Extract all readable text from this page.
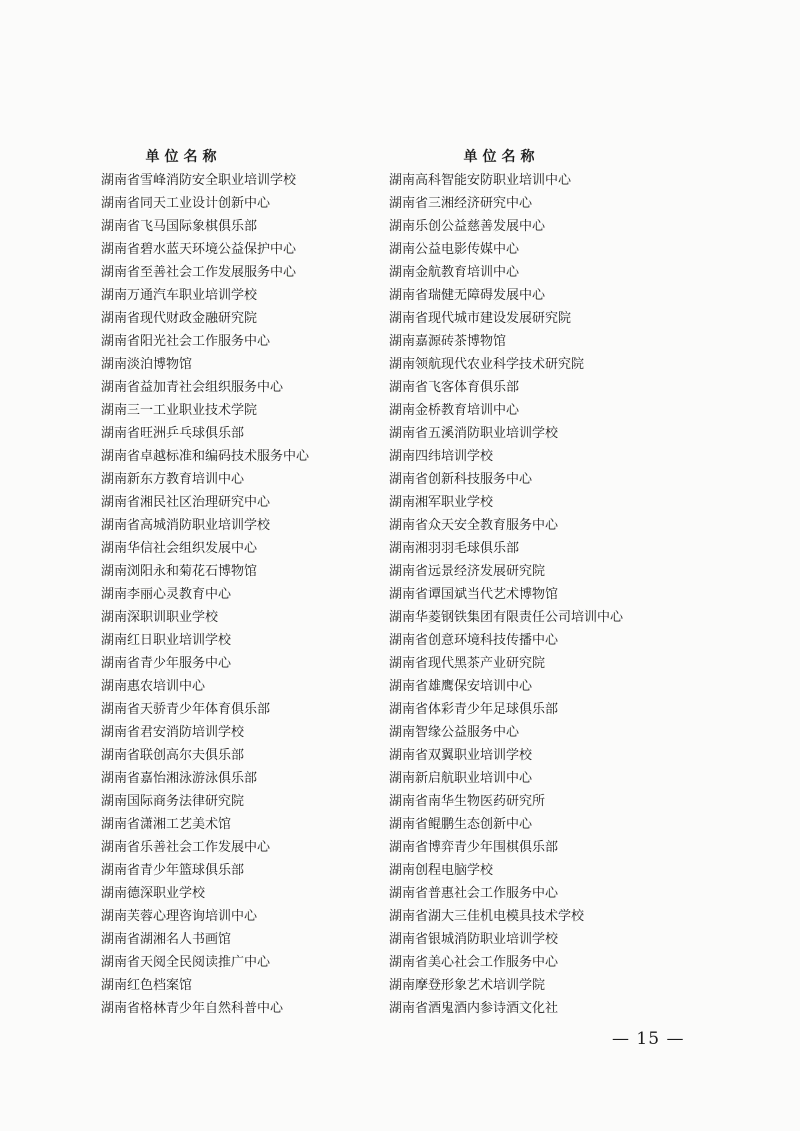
单位名称
湖南省雪峰消防安全职业培训学校
湖南省同天工业设计创新中心
湖南省飞马国际象棋俱乐部
湖南省碧水蓝天环境公益保护中心
湖南省至善社会工作发展服务中心
湖南万通汽车职业培训学校
湖南省现代财政金融研究院
湖南省阳光社会工作服务中心
湖南淡泊博物馆
湖南省益加青社会组织服务中心
湖南三一工业职业技术学院
湖南省旺洲乒乓球俱乐部
湖南省卓越标准和编码技术服务中心
湖南新东方教育培训中心
湖南省湘民社区治理研究中心
湖南省高城消防职业培训学校
湖南华信社会组织发展中心
湖南浏阳永和菊花石博物馆
湖南李丽心灵教育中心
湖南深职训职业学校
湖南红日职业培训学校
湖南省青少年服务中心
湖南惠农培训中心
湖南省天骄青少年体育俱乐部
湖南省君安消防培训学校
湖南省联创高尔夫俱乐部
湖南省嘉怡湘泳游泳俱乐部
湖南国际商务法律研究院
湖南省潇湘工艺美术馆
湖南省乐善社会工作发展中心
湖南省青少年篮球俱乐部
湖南德深职业学校
湖南芙蓉心理咨询培训中心
湖南省湖湘名人书画馆
湖南省天阅全民阅读推广中心
湖南红色档案馆
湖南省格林青少年自然科普中心
单位名称
湖南高科智能安防职业培训中心
湖南省三湘经济研究中心
湖南乐创公益慈善发展中心
湖南公益电影传媒中心
湖南金航教育培训中心
湖南省瑞健无障碍发展中心
湖南省现代城市建设发展研究院
湖南嘉源砖茶博物馆
湖南领航现代农业科学技术研究院
湖南省飞客体育俱乐部
湖南金桥教育培训中心
湖南省五溪消防职业培训学校
湖南四纬培训学校
湖南省创新科技服务中心
湖南湘军职业学校
湖南省众天安全教育服务中心
湖南湘羽羽毛球俱乐部
湖南省远景经济发展研究院
湖南省谭国斌当代艺术博物馆
湖南华菱钢铁集团有限责任公司培训中心
湖南省创意环境科技传播中心
湖南省现代黑茶产业研究院
湖南省雄鹰保安培训中心
湖南省体彩青少年足球俱乐部
湖南智缘公益服务中心
湖南省双翼职业培训学校
湖南新启航职业培训中心
湖南省南华生物医药研究所
湖南省鲲鹏生态创新中心
湖南省博弈青少年围棋俱乐部
湖南创程电脑学校
湖南省普惠社会工作服务中心
湖南省湖大三佳机电模具技术学校
湖南省银城消防职业培训学校
湖南省美心社会工作服务中心
湖南摩登形象艺术培训学院
湖南省酒鬼酒内参诗酒文化社
— 15 —
